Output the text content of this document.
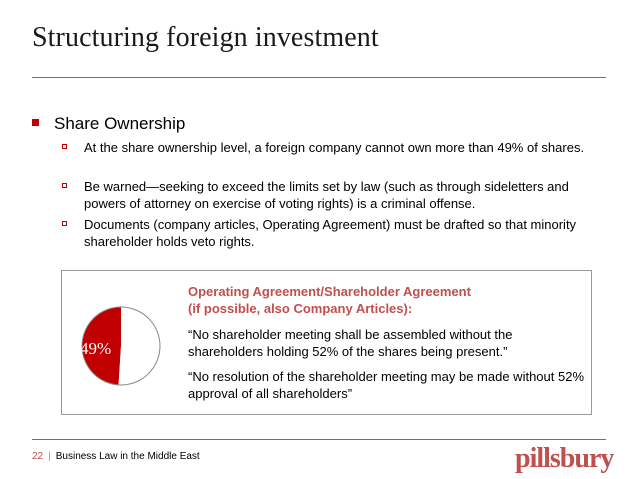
Structuring foreign investment
Share Ownership
At the share ownership level, a foreign company cannot own more than 49% of shares.
Be warned—seeking to exceed the limits set by law (such as through sideletters and powers of attorney on exercise of voting rights) is a criminal offense.
Documents (company articles, Operating Agreement) must be drafted so that minority shareholder holds veto rights.
49%
Operating Agreement/Shareholder Agreement
(if possible, also Company Articles):
“No shareholder meeting shall be assembled without the shareholders holding 52% of the shares being present.”
“No resolution of the shareholder meeting may be made without 52% approval of all shareholders”
22 | Business Law in the Middle East	pillsbury
